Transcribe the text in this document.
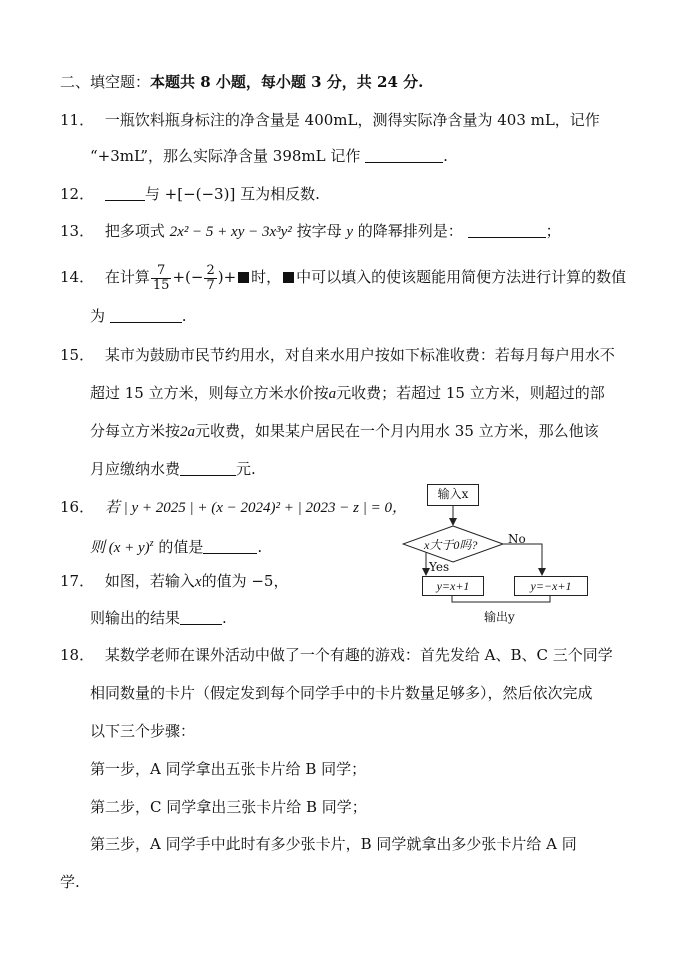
二、填空题：本题共 8 小题，每小题 3 分，共 24 分.
11． 一瓶饮料瓶身标注的净含量是 400mL，测得实际净含量为 403 mL，记作
“+3mL”，那么实际净含量 398mL 记作	.
12．	与 +[−(−3)] 互为相反数.
13． 把多项式 2x² − 5 + xy − 3x³y² 按字母 y 的降幂排列是：	；
14． 在计算 $\frac{7}{15}$ +(− $\frac{2}{7}$ )+ 时， 中可以填入的使该题能用简便方法进行计算的数值
为	.
15． 某市为鼓励市民节约用水，对自来水用户按如下标准收费：若每月每户用水不
超过 15 立方米，则每立方米水价按a元收费；若超过 15 立方米，则超过的部
分每立方米按2a元收费，如果某户居民在一个月内用水 35 立方米，那么他该
月应缴纳水费	元.
16． 若 | y + 2025 | + (x − 2024)² + | 2023 − z | = 0，
则 $(x + y)^z$ 的值是	.
17． 如图，若输入x的值为 −5，
则输出的结果	.
输入x
x大于0吗?
Yes
No
y=x+1	y=−x+1
输出y
18． 某数学老师在课外活动中做了一个有趣的游戏：首先发给 A、B、C 三个同学
相同数量的卡片（假定发到每个同学手中的卡片数量足够多），然后依次完成
以下三个步骤：
第一步，A 同学拿出五张卡片给 B 同学；
第二步，C 同学拿出三张卡片给 B 同学；
第三步，A 同学手中此时有多少张卡片，B 同学就拿出多少张卡片给 A 同
学.
